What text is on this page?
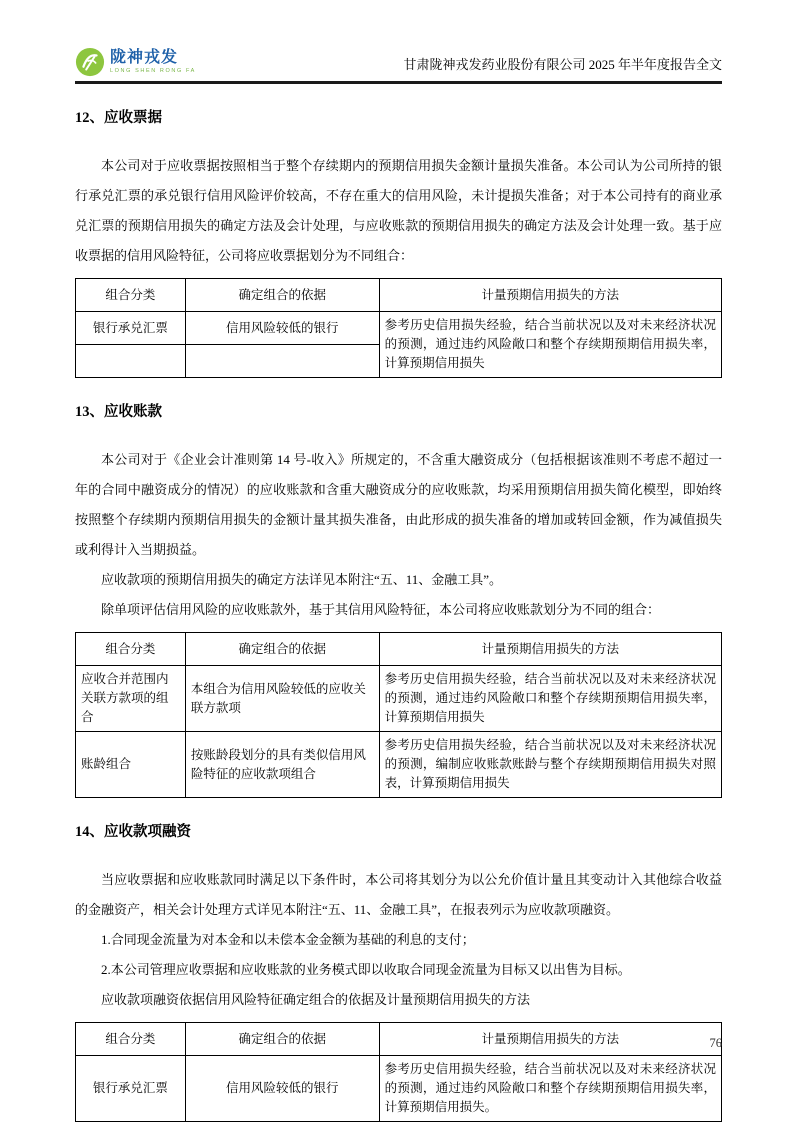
陇神戎发
LONG SHEN RONG FA	甘肃陇神戎发药业股份有限公司 2025 年半年度报告全文
12、应收票据

本公司对于应收票据按照相当于整个存续期内的预期信用损失金额计量损失准备。本公司认为公司所持的银行承兑汇票的承兑银行信用风险评价较高，不存在重大的信用风险，未计提损失准备；对于本公司持有的商业承兑汇票的预期信用损失的确定方法及会计处理，与应收账款的预期信用损失的确定方法及会计处理一致。基于应收票据的信用风险特征，公司将应收票据划分为不同组合：

组合分类	确定组合的依据	计量预期信用损失的方法
银行承兑汇票	信用风险较低的银行	参考历史信用损失经验，结合当前状况以及对未来经济状况的预测，通过违约风险敞口和整个存续期预期信用损失率，计算预期信用损失

13、应收账款

本公司对于《企业会计准则第 14 号-收入》所规定的，不含重大融资成分（包括根据该准则不考虑不超过一年的合同中融资成分的情况）的应收账款和含重大融资成分的应收账款，均采用预期信用损失简化模型，即始终按照整个存续期内预期信用损失的金额计量其损失准备，由此形成的损失准备的增加或转回金额，作为减值损失或利得计入当期损益。

应收款项的预期信用损失的确定方法详见本附注“五、11、金融工具”。

除单项评估信用风险的应收账款外，基于其信用风险特征，本公司将应收账款划分为不同的组合：

组合分类	确定组合的依据	计量预期信用损失的方法
应收合并范围内关联方款项的组合	本组合为信用风险较低的应收关联方款项	参考历史信用损失经验，结合当前状况以及对未来经济状况的预测，通过违约风险敞口和整个存续期预期信用损失率，计算预期信用损失
账龄组合	按账龄段划分的具有类似信用风险特征的应收款项组合	参考历史信用损失经验，结合当前状况以及对未来经济状况的预测，编制应收账款账龄与整个存续期预期信用损失对照表，计算预期信用损失
14、应收款项融资

当应收票据和应收账款同时满足以下条件时，本公司将其划分为以公允价值计量且其变动计入其他综合收益的金融资产，相关会计处理方式详见本附注“五、11、金融工具”，在报表列示为应收款项融资。

1.合同现金流量为对本金和以未偿本金金额为基础的利息的支付；

2.本公司管理应收票据和应收账款的业务模式即以收取合同现金流量为目标又以出售为目标。

应收款项融资依据信用风险特征确定组合的依据及计量预期信用损失的方法

组合分类	确定组合的依据	计量预期信用损失的方法
银行承兑汇票	信用风险较低的银行	参考历史信用损失经验，结合当前状况以及对未来经济状况的预测，通过违约风险敞口和整个存续期预期信用损失率，计算预期信用损失。
76
